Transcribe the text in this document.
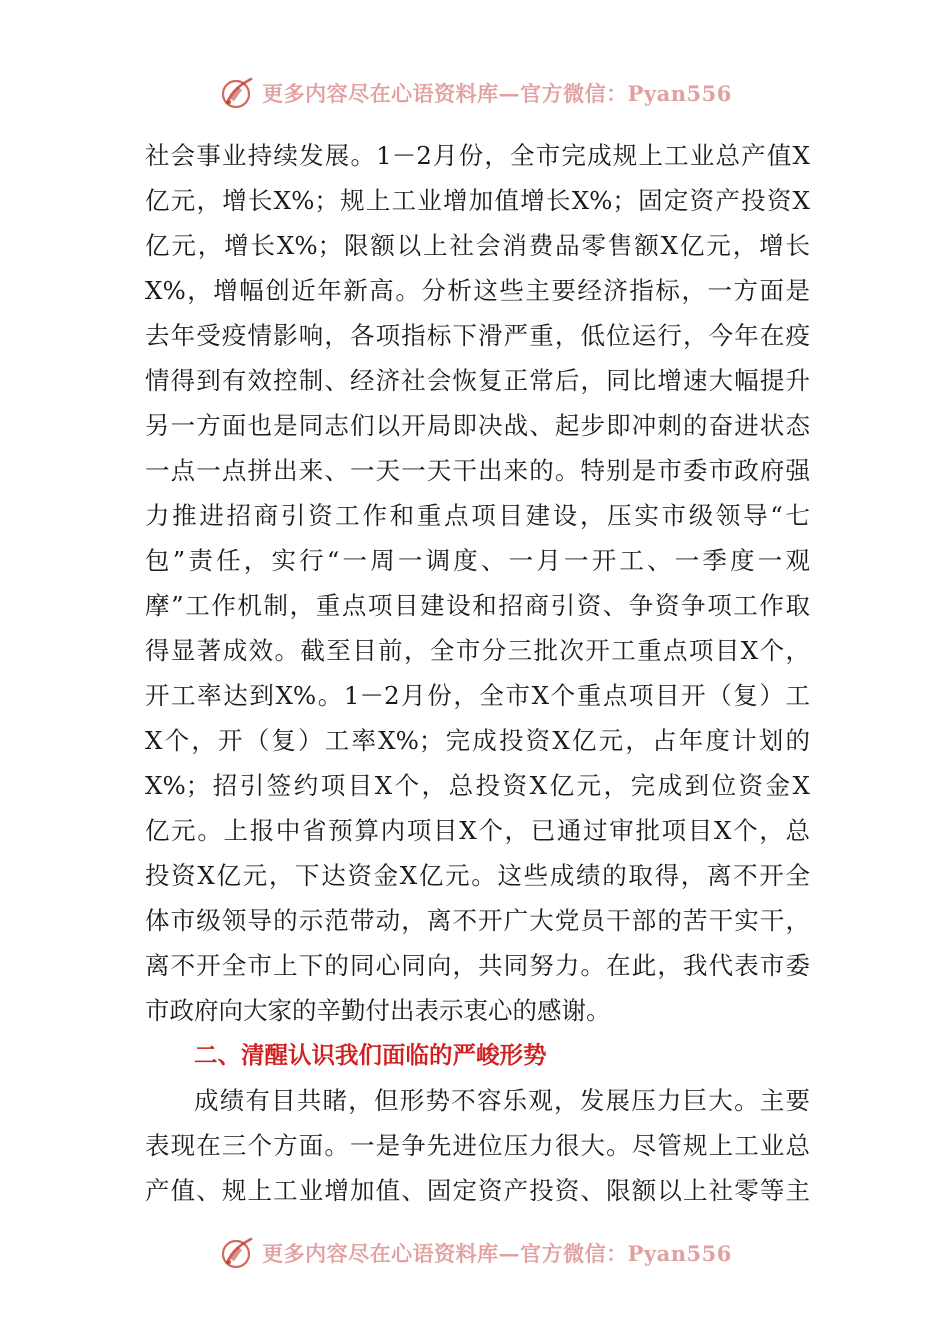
更多内容尽在心语资料库—官方微信：Pyan556
社会事业持续发展。1－2月份，全市完成规上工业总产值X
亿元，增长X%；规上工业增加值增长X%；固定资产投资X
亿元，增长X%；限额以上社会消费品零售额X亿元，增长
X%，增幅创近年新高。分析这些主要经济指标，一方面是
去年受疫情影响，各项指标下滑严重，低位运行，今年在疫
情得到有效控制、经济社会恢复正常后，同比增速大幅提升
另一方面也是同志们以开局即决战、起步即冲刺的奋进状态
一点一点拼出来、一天一天干出来的。特别是市委市政府强
力推进招商引资工作和重点项目建设，压实市级领导“七
包”责任，实行“一周一调度、一月一开工、一季度一观
摩”工作机制，重点项目建设和招商引资、争资争项工作取
得显著成效。截至目前，全市分三批次开工重点项目X个，
开工率达到X%。1－2月份，全市X个重点项目开（复）工
X个，开（复）工率X%；完成投资X亿元，占年度计划的
X%；招引签约项目X个，总投资X亿元，完成到位资金X
亿元。上报中省预算内项目X个，已通过审批项目X个，总
投资X亿元，下达资金X亿元。这些成绩的取得，离不开全
体市级领导的示范带动，离不开广大党员干部的苦干实干，
离不开全市上下的同心同向，共同努力。在此，我代表市委
市政府向大家的辛勤付出表示衷心的感谢。
二、清醒认识我们面临的严峻形势
成绩有目共睹，但形势不容乐观，发展压力巨大。主要
表现在三个方面。一是争先进位压力很大。尽管规上工业总
产值、规上工业增加值、固定资产投资、限额以上社零等主
更多内容尽在心语资料库—官方微信：Pyan556
